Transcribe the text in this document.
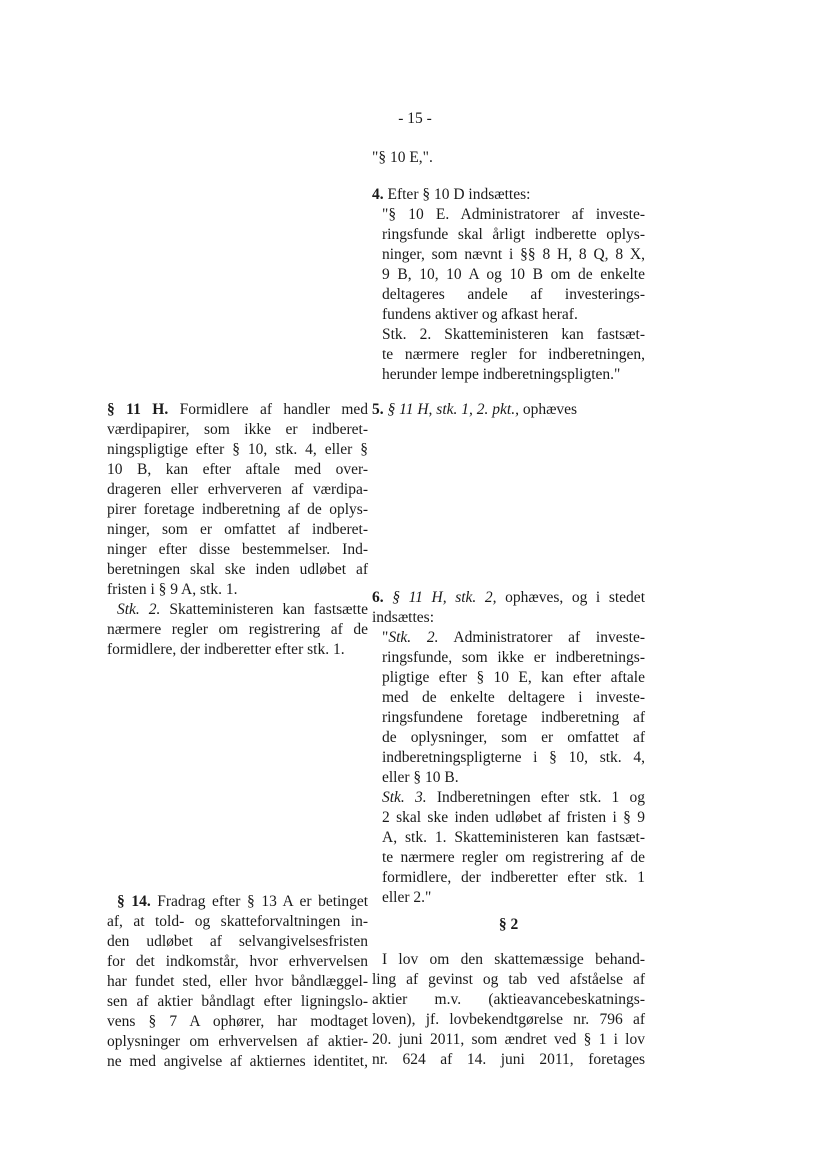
- 15 -
"§ 10 E,".
4. Efter § 10 D indsættes:
"§ 10 E. Administratorer af investe-
ringsfunde skal årligt indberette oplys-
ninger, som nævnt i §§ 8 H, 8 Q, 8 X,
9 B, 10, 10 A og 10 B om de enkelte
deltageres andele af investerings-
fundens aktiver og afkast heraf.
Stk. 2. Skatteministeren kan fastsæt-
te nærmere regler for indberetningen,
herunder lempe indberetningspligten."
5. § 11 H, stk. 1, 2. pkt., ophæves
6. § 11 H, stk. 2, ophæves, og i stedet
indsættes:
"Stk. 2. Administratorer af investe-
ringsfunde, som ikke er indberetnings-
pligtige efter § 10 E, kan efter aftale
med de enkelte deltagere i investe-
ringsfundene foretage indberetning af
de oplysninger, som er omfattet af
indberetningspligterne i § 10, stk. 4,
eller § 10 B.
Stk. 3. Indberetningen efter stk. 1 og
2 skal ske inden udløbet af fristen i § 9
A, stk. 1. Skatteministeren kan fastsæt-
te nærmere regler om registrering af de
formidlere, der indberetter efter stk. 1
eller 2."
§ 2
I lov om den skattemæssige behand-
ling af gevinst og tab ved afståelse af
aktier m.v. (aktieavancebeskatnings-
loven), jf. lovbekendtgørelse nr. 796 af
20. juni 2011, som ændret ved § 1 i lov
nr. 624 af 14. juni 2011, foretages
§ 11 H. Formidlere af handler med
værdipapirer, som ikke er indberet-
ningspligtige efter § 10, stk. 4, eller §
10 B, kan efter aftale med over-
drageren eller erhververen af værdipa-
pirer foretage indberetning af de oplys-
ninger, som er omfattet af indberet-
ninger efter disse bestemmelser. Ind-
beretningen skal ske inden udløbet af
fristen i § 9 A, stk. 1.
Stk. 2. Skatteministeren kan fastsætte
nærmere regler om registrering af de
formidlere, der indberetter efter stk. 1.
§ 14. Fradrag efter § 13 A er betinget
af, at told- og skatteforvaltningen in-
den udløbet af selvangivelsesfristen
for det indkomstår, hvor erhvervelsen
har fundet sted, eller hvor båndlæggel-
sen af aktier båndlagt efter ligningslo-
vens § 7 A ophører, har modtaget
oplysninger om erhvervelsen af aktier-
ne med angivelse af aktiernes identitet,
